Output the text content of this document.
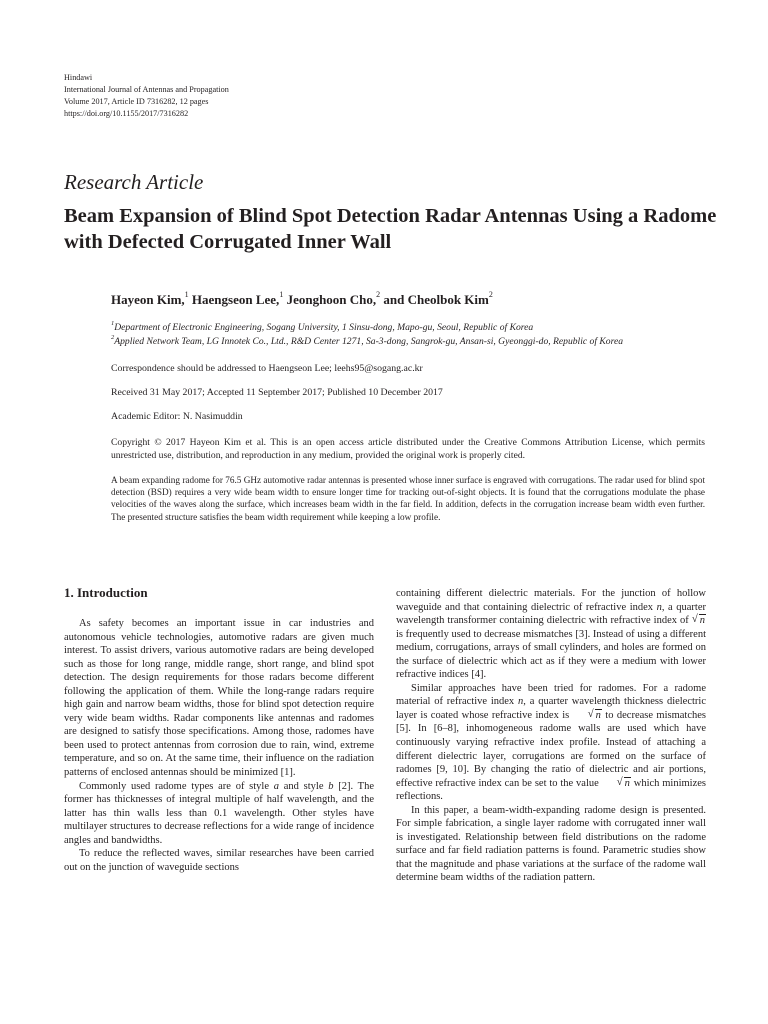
Hindawi
International Journal of Antennas and Propagation
Volume 2017, Article ID 7316282, 12 pages
https://doi.org/10.1155/2017/7316282
Research Article
Beam Expansion of Blind Spot Detection Radar Antennas Using a Radome with Defected Corrugated Inner Wall
Hayeon Kim,$^1$ Haengseon Lee,$^1$ Jeonghoon Cho,$^2$ and Cheolbok Kim$^2$
$^1$Department of Electronic Engineering, Sogang University, 1 Sinsu-dong, Mapo-gu, Seoul, Republic of Korea
$^2$Applied Network Team, LG Innotek Co., Ltd., R&D Center 1271, Sa-3-dong, Sangrok-gu, Ansan-si, Gyeonggi-do, Republic of Korea
Correspondence should be addressed to Haengseon Lee; leehs95@sogang.ac.kr
Received 31 May 2017; Accepted 11 September 2017; Published 10 December 2017
Academic Editor: N. Nasimuddin
Copyright © 2017 Hayeon Kim et al. This is an open access article distributed under the Creative Commons Attribution License, which permits unrestricted use, distribution, and reproduction in any medium, provided the original work is properly cited.
A beam expanding radome for 76.5 GHz automotive radar antennas is presented whose inner surface is engraved with corrugations. The radar used for blind spot detection (BSD) requires a very wide beam width to ensure longer time for tracking out-of-sight objects. It is found that the corrugations modulate the phase velocities of the waves along the surface, which increases beam width in the far field. In addition, defects in the corrugation increase beam width even further. The presented structure satisfies the beam width requirement while keeping a low profile.
1. Introduction

As safety becomes an important issue in car industries and autonomous vehicle technologies, automotive radars are given much interest. To assist drivers, various automotive radars are being developed such as those for long range, middle range, short range, and blind spot detection. The design requirements for those radars become different following the application of them. While the long-range radars require high gain and narrow beam widths, those for blind spot detection require very wide beam widths. Radar components like antennas and radomes are designed to satisfy those specifications. Among those, radomes have been used to protect antennas from corrosion due to rain, wind, extreme temperature, and so on. At the same time, their influence on the radiation patterns of enclosed antennas should be minimized [1].

Commonly used radome types are of style a and style b [2]. The former has thicknesses of integral multiple of half wavelength, and the latter has thin walls less than 0.1 wavelength. Other styles have multilayer structures to decrease reflections for a wide range of incidence angles and bandwidths.

To reduce the reflected waves, similar researches have been carried out on the junction of waveguide sections

containing different dielectric materials. For the junction of hollow waveguide and that containing dielectric of refractive index n, a quarter wavelength transformer containing dielectric with refractive index of √ n is frequently used to decrease mismatches [3]. Instead of using a different medium, corrugations, arrays of small cylinders, and holes are formed on the surface of dielectric which act as if they were a medium with lower refractive indices [4].

Similar approaches have been tried for radomes. For a radome material of refractive index n, a quarter wavelength thickness dielectric layer is coated whose refractive index is	√ n to decrease mismatches [5]. In [6–8], inhomogeneous radome walls are used which have continuously varying refractive index profile. Instead of attaching a different dielectric layer, corrugations are formed on the surface of radomes [9, 10]. By changing the ratio of dielectric and air portions, effective refractive index can be set to the value	√ n which minimizes reflections.

In this paper, a beam-width-expanding radome design is presented. For simple fabrication, a single layer radome with corrugated inner wall is investigated. Relationship between field distributions on the radome surface and far field radiation patterns is found. Parametric studies show that the magnitude and phase variations at the surface of the radome wall determine beam widths of the radiation pattern.
